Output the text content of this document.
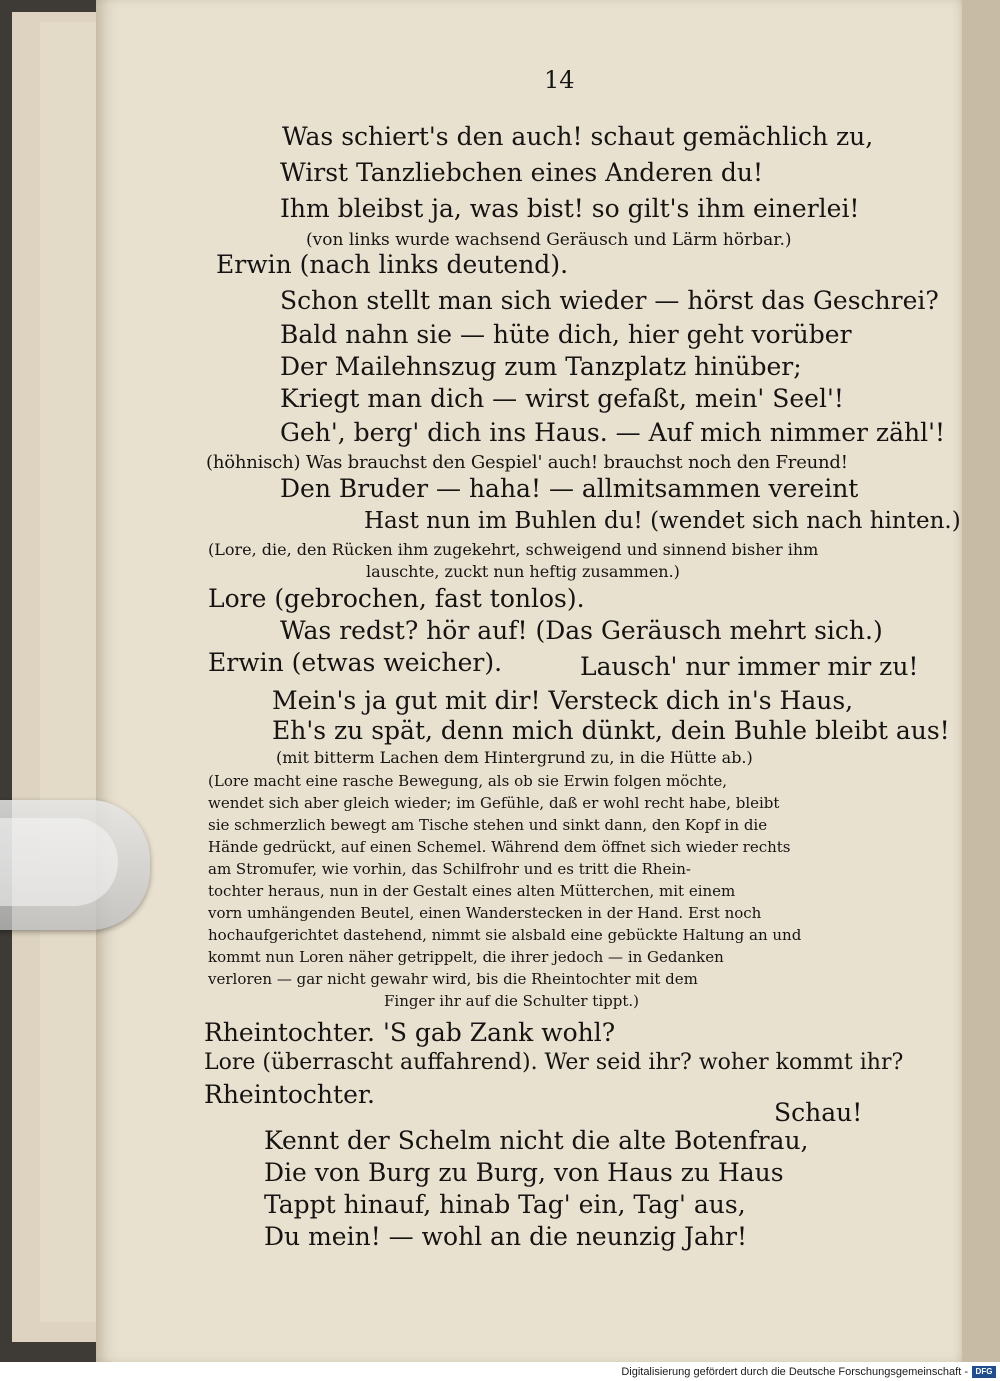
14
Was schiert's den auch! schaut gemächlich zu,
Wirst Tanzliebchen eines Anderen du!
Ihm bleibst ja, was bist! so gilt's ihm einerlei!
(von links wurde wachsend Geräusch und Lärm hörbar.)
Erwin (nach links deutend).
Schon stellt man sich wieder — hörst das Geschrei?
Bald nahn sie — hüte dich, hier geht vorüber
Der Mailehnszug zum Tanzplatz hinüber;
Kriegt man dich — wirst gefaßt, mein' Seel'!
Geh', berg' dich ins Haus. — Auf mich nimmer zähl'!
(höhnisch) Was brauchst den Gespiel' auch! brauchst noch den Freund!
Den Bruder — haha! — allmitsammen vereint
Hast nun im Buhlen du! (wendet sich nach hinten.)
(Lore, die, den Rücken ihm zugekehrt, schweigend und sinnend bisher ihm
lauschte, zuckt nun heftig zusammen.)
Lore (gebrochen, fast tonlos).
Was redst? hör auf! (Das Geräusch mehrt sich.)
Erwin (etwas weicher).	Lausch' nur immer mir zu!
Mein's ja gut mit dir! Versteck dich in's Haus,
Eh's zu spät, denn mich dünkt, dein Buhle bleibt aus!
(mit bitterm Lachen dem Hintergrund zu, in die Hütte ab.)
(Lore macht eine rasche Bewegung, als ob sie Erwin folgen möchte,
wendet sich aber gleich wieder; im Gefühle, daß er wohl recht habe, bleibt
sie schmerzlich bewegt am Tische stehen und sinkt dann, den Kopf in die
Hände gedrückt, auf einen Schemel. Während dem öffnet sich wieder rechts
am Stromufer, wie vorhin, das Schilfrohr und es tritt die Rhein-
tochter heraus, nun in der Gestalt eines alten Mütterchen, mit einem
vorn umhängenden Beutel, einen Wanderstecken in der Hand. Erst noch
hochaufgerichtet dastehend, nimmt sie alsbald eine gebückte Haltung an und
kommt nun Loren näher getrippelt, die ihrer jedoch — in Gedanken
verloren — gar nicht gewahr wird, bis die Rheintochter mit dem
Finger ihr auf die Schulter tippt.)
Rheintochter. 'S gab Zank wohl?
Lore (überrascht auffahrend). Wer seid ihr? woher kommt ihr?
Rheintochter.
Schau!
Kennt der Schelm nicht die alte Botenfrau,
Die von Burg zu Burg, von Haus zu Haus
Tappt hinauf, hinab Tag' ein, Tag' aus,
Du mein! — wohl an die neunzig Jahr!
Digitalisierung gefördert durch die Deutsche Forschungsgemeinschaft - DFG
